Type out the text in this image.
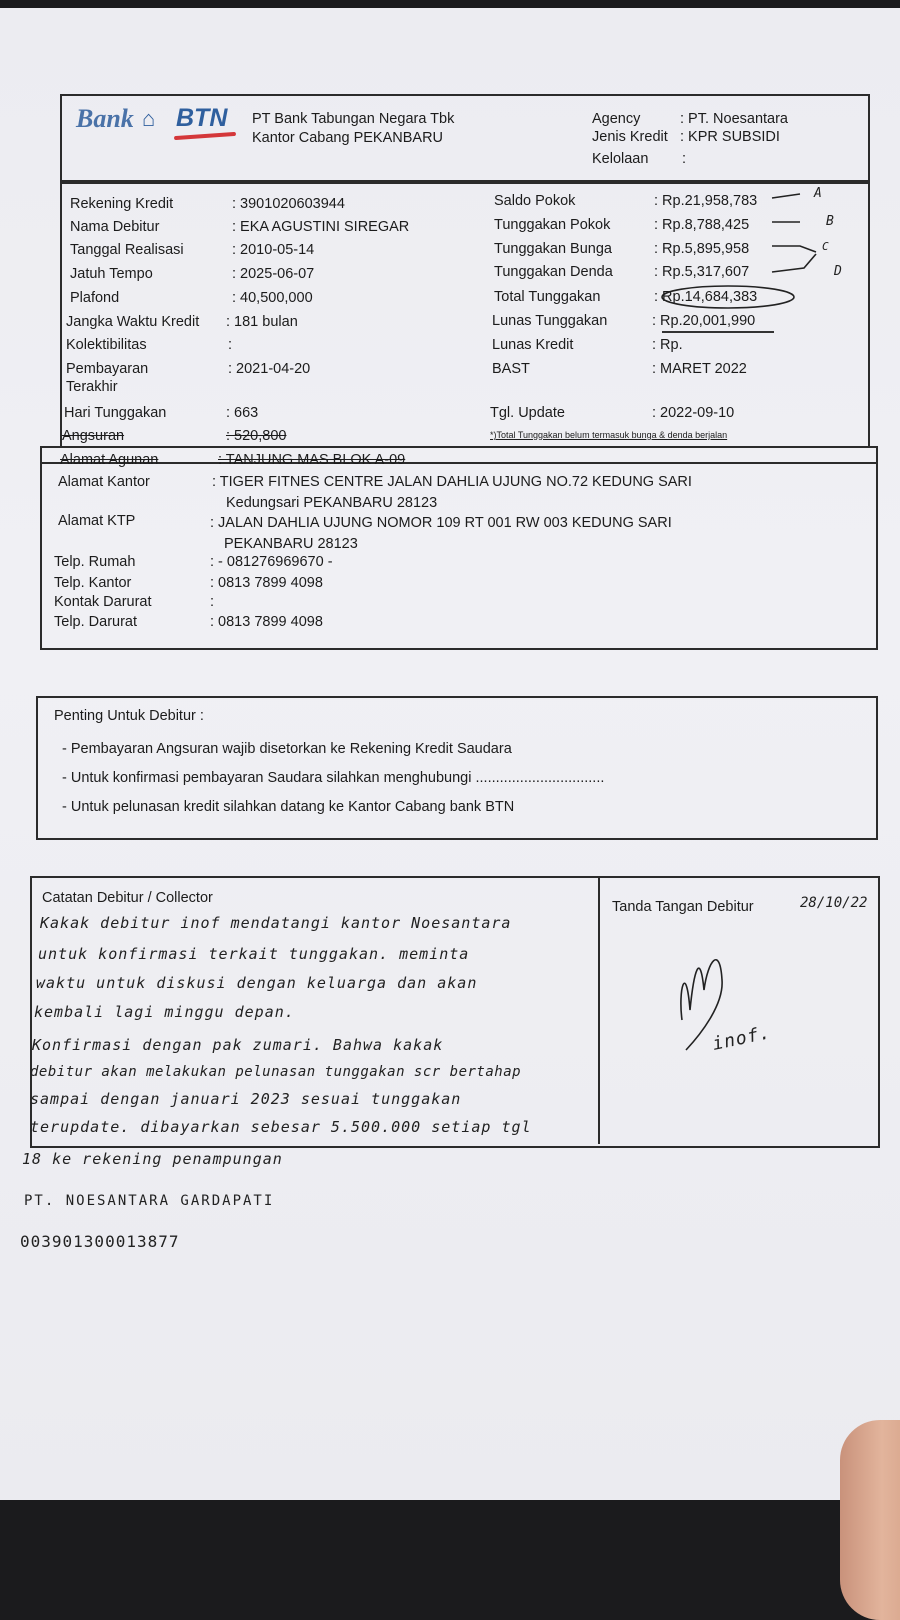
Bank ⌂ BTN PT Bank Tabungan Negara Tbk
Kantor Cabang PEKANBARU
Agency	: PT. Noesantara
Jenis Kredit : KPR SUBSIDI
Kelolaan :
Rekening Kredit	: 3901020603944
Nama Debitur	: EKA AGUSTINI SIREGAR
Tanggal Realisasi	: 2010-05-14
Jatuh Tempo	: 2025-06-07
Plafond	: 40,500,000
Jangka Waktu Kredit : 181 bulan
Kolektibilitas	:
Pembayaran	: 2021-04-20
Terakhir
Hari Tunggakan	: 663
Angsuran	: 520,800
Saldo Pokok	: Rp.21,958,783
Tunggakan Pokok	: Rp.8,788,425
Tunggakan Bunga	: Rp.5,895,958
Tunggakan Denda	: Rp.5,317,607
Total Tunggakan	: Rp.14,684,383
Lunas Tunggakan	: Rp.20,001,990
Lunas Kredit	: Rp.
BAST	: MARET 2022
Tgl. Update	: 2022-09-10
*)Total Tunggakan belum termasuk bunga & denda berjalan
A
B
C
D
Alamat Agunan	: TANJUNG MAS BLOK A-09
Alamat Kantor	: TIGER FITNES CENTRE JALAN DAHLIA UJUNG NO.72 KEDUNG SARI
Kedungsari PEKANBARU 28123
Alamat KTP	: JALAN DAHLIA UJUNG NOMOR 109 RT 001 RW 003 KEDUNG SARI
PEKANBARU 28123
Telp. Rumah	: - 081276969670 -
Telp. Kantor	: 0813 7899 4098
Kontak Darurat	:
Telp. Darurat	: 0813 7899 4098
Penting Untuk Debitur :
- Pembayaran Angsuran wajib disetorkan ke Rekening Kredit Saudara
- Untuk konfirmasi pembayaran Saudara silahkan menghubungi ................................
- Untuk pelunasan kredit silahkan datang ke Kantor Cabang bank BTN
Catatan Debitur / Collector
Tanda Tangan Debitur	28/10/22
Kakak debitur inof mendatangi kantor Noesantara
untuk konfirmasi terkait tunggakan. meminta
waktu untuk diskusi dengan keluarga dan akan
kembali lagi minggu depan.
Konfirmasi dengan pak zumari. Bahwa kakak
debitur akan melakukan pelunasan tunggakan scr bertahap
sampai dengan januari 2023 sesuai tunggakan
terupdate. dibayarkan sebesar 5.500.000 setiap tgl
inof.
18 ke rekening penampungan
PT. NOESANTARA GARDAPATI
003901300013877
